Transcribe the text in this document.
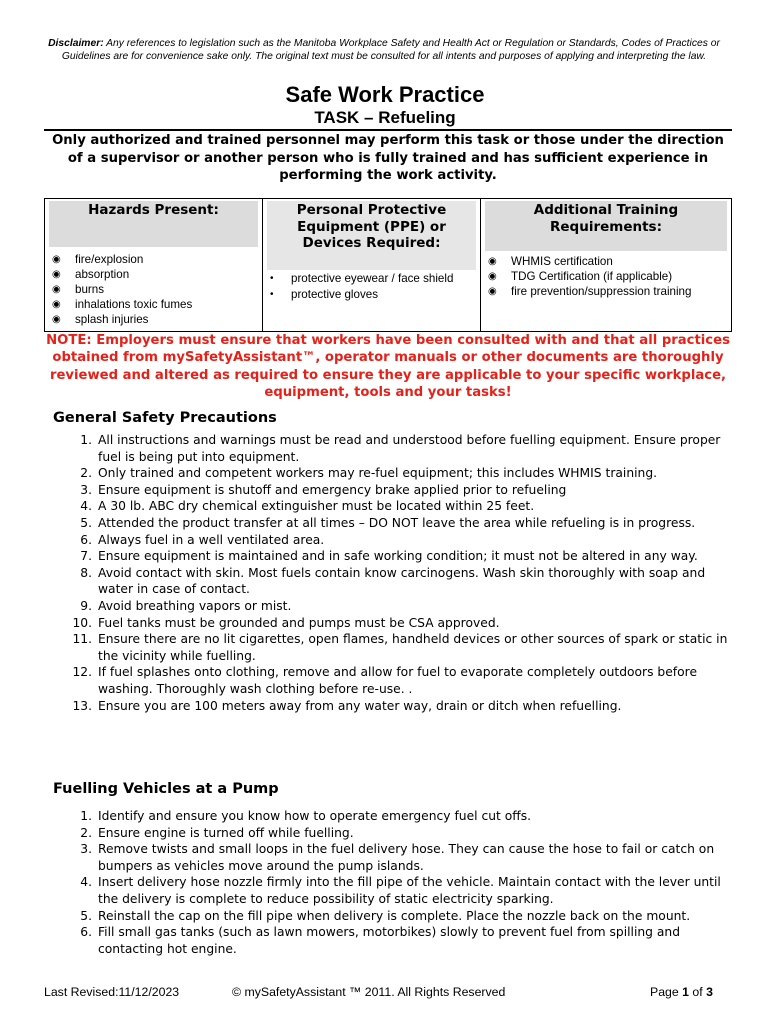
Disclaimer: Any references to legislation such as the Manitoba Workplace Safety and Health Act or Regulation or Standards, Codes of Practices or Guidelines are for convenience sake only. The original text must be consulted for all intents and purposes of applying and interpreting the law.
Safe Work Practice
TASK – Refueling
Only authorized and trained personnel may perform this task or those under the direction of a supervisor or another person who is fully trained and has sufficient experience in performing the work activity.
Hazards Present:
◉ fire/explosion
◉ absorption
◉ burns
◉ inhalations toxic fumes
◉ splash injuries
Personal Protective Equipment (PPE) or Devices Required:
• protective eyewear / face shield
• protective gloves
Additional Training Requirements:
◉ WHMIS certification
◉ TDG Certification (if applicable)
◉ fire prevention/suppression training
NOTE: Employers must ensure that workers have been consulted with and that all practices obtained from mySafetyAssistant™, operator manuals or other documents are thoroughly reviewed and altered as required to ensure they are applicable to your specific workplace, equipment, tools and your tasks!
General Safety Precautions
1. All instructions and warnings must be read and understood before fuelling equipment. Ensure proper fuel is being put into equipment.
2. Only trained and competent workers may re-fuel equipment; this includes WHMIS training.
3. Ensure equipment is shutoff and emergency brake applied prior to refueling
4. A 30 lb. ABC dry chemical extinguisher must be located within 25 feet.
5. Attended the product transfer at all times – DO NOT leave the area while refueling is in progress.
6. Always fuel in a well ventilated area.
7. Ensure equipment is maintained and in safe working condition; it must not be altered in any way.
8. Avoid contact with skin. Most fuels contain know carcinogens. Wash skin thoroughly with soap and water in case of contact.
9. Avoid breathing vapors or mist.
10. Fuel tanks must be grounded and pumps must be CSA approved.
11. Ensure there are no lit cigarettes, open flames, handheld devices or other sources of spark or static in the vicinity while fuelling.
12. If fuel splashes onto clothing, remove and allow for fuel to evaporate completely outdoors before washing. Thoroughly wash clothing before re-use. .
13. Ensure you are 100 meters away from any water way, drain or ditch when refuelling.
Fuelling Vehicles at a Pump
1. Identify and ensure you know how to operate emergency fuel cut offs.
2. Ensure engine is turned off while fuelling.
3. Remove twists and small loops in the fuel delivery hose. They can cause the hose to fail or catch on bumpers as vehicles move around the pump islands.
4. Insert delivery hose nozzle firmly into the fill pipe of the vehicle. Maintain contact with the lever until the delivery is complete to reduce possibility of static electricity sparking.
5. Reinstall the cap on the fill pipe when delivery is complete. Place the nozzle back on the mount.
6. Fill small gas tanks (such as lawn mowers, motorbikes) slowly to prevent fuel from spilling and contacting hot engine.
Last Revised:11/12/2023	© mySafetyAssistant ™ 2011. All Rights Reserved	Page 1 of 3
